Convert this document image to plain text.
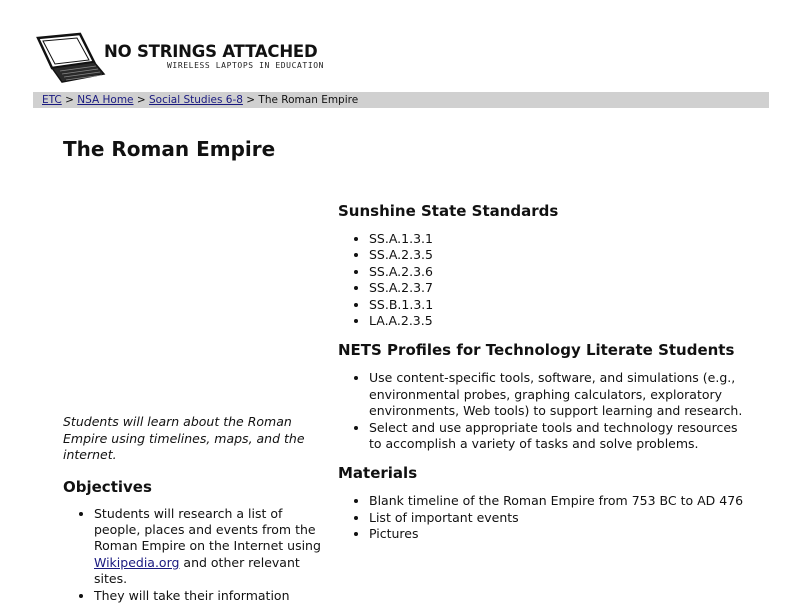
NO STRINGS ATTACHED
WIRELESS LAPTOPS IN EDUCATION
ETC > NSA Home > Social Studies 6-8 > The Roman Empire
The Roman Empire

Students will learn about the Roman Empire using timelines, maps, and the internet.

Objectives
• Students will research a list of people, places and events from the Roman Empire on the Internet using Wikipedia.org and other relevant sites.
• They will take their information
Sunshine State Standards
• SS.A.1.3.1
• SS.A.2.3.5
• SS.A.2.3.6
• SS.A.2.3.7
• SS.B.1.3.1
• LA.A.2.3.5
NETS Profiles for Technology Literate Students
• Use content-specific tools, software, and simulations (e.g., environmental probes, graphing calculators, exploratory environments, Web tools) to support learning and research.
• Select and use appropriate tools and technology resources to accomplish a variety of tasks and solve problems.
Materials
• Blank timeline of the Roman Empire from 753 BC to AD 476
• List of important events
• Pictures
